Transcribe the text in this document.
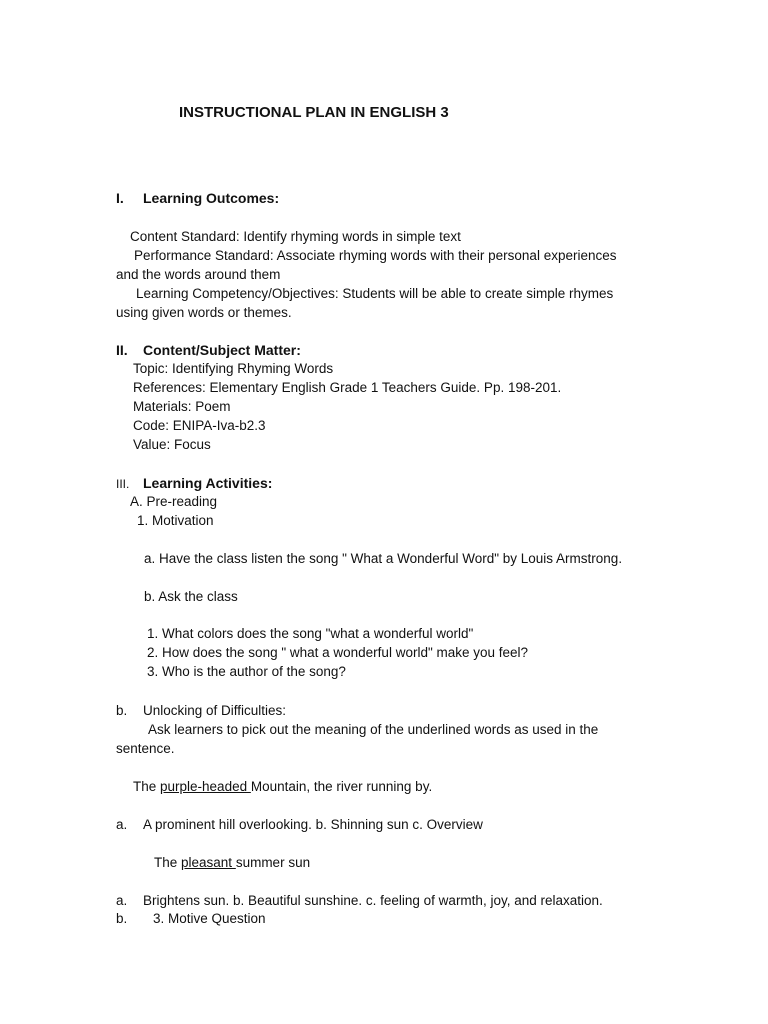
INSTRUCTIONAL PLAN IN ENGLISH 3
I. Learning Outcomes:
Content Standard: Identify rhyming words in simple text
Performance Standard: Associate rhyming words with their personal experiences
and the words around them
Learning Competency/Objectives: Students will be able to create simple rhymes
using given words or themes.
II. Content/Subject Matter:
Topic: Identifying Rhyming Words
References: Elementary English Grade 1 Teachers Guide. Pp. 198-201.
Materials: Poem
Code: ENIPA-Iva-b2.3
Value: Focus
III. Learning Activities:
A. Pre-reading
1. Motivation
a. Have the class listen the song " What a Wonderful Word" by Louis Armstrong.
b. Ask the class
1. What colors does the song "what a wonderful world"
2. How does the song " what a wonderful world" make you feel?
3. Who is the author of the song?
b. Unlocking of Difficulties:
Ask learners to pick out the meaning of the underlined words as used in the
sentence.
The purple-headed Mountain, the river running by.
a. A prominent hill overlooking. b. Shinning sun c. Overview
The pleasant summer sun
a. Brightens sun. b. Beautiful sunshine. c. feeling of warmth, joy, and relaxation.
b. 3. Motive Question
